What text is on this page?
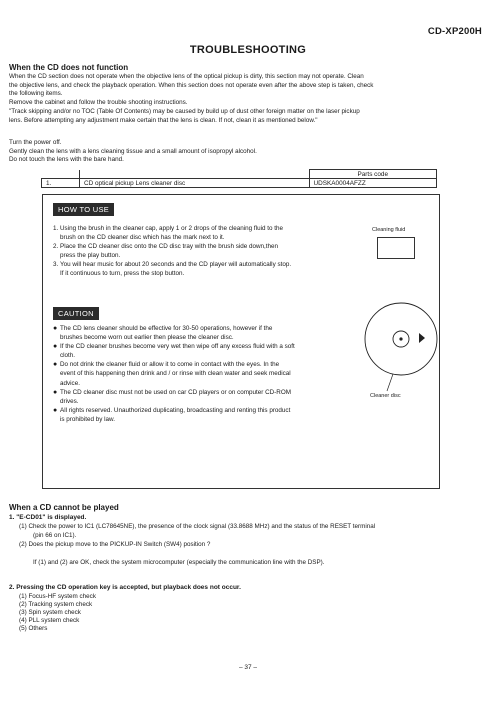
CD-XP200H
TROUBLESHOOTING
When the CD does not function
When the CD section does not operate when the objective lens of the optical pickup is dirty, this section may not operate. Clean
the objective lens, and check the playback operation. When this section does not operate even after the above step is taken, check
the following items.
Remove the cabinet and follow the trouble shooting instructions.
"Track skipping and/or no TOC (Table Of Contents) may be caused by build up of dust other foreign matter on the laser pickup
lens. Before attempting any adjustment make certain that the lens is clean. If not, clean it as mentioned below."
Turn the power off.
Gently clean the lens with a lens cleaning tissue and a small amount of isopropyl alcohol.
Do not touch the lens with the bare hand.
		Parts code
1.	CD optical pickup Lens cleaner disc	UDSKA0004AFZZ
HOW TO USE
1. Using the brush in the cleaner cap, apply 1 or 2 drops of the cleaning fluid to the
brush on the CD cleaner disc which has the mark next to it.
2. Place the CD cleaner disc onto the CD disc tray with the brush side down,then
press the play button.
3. You will hear music for about 20 seconds and the CD player will automatically stop.
If it continuous to turn, press the stop button.
Cleaning fluid
Cleaner disc
CAUTION
● The CD lens cleaner should be effective for 30-50 operations, however if the
brushes become worn out earlier then please the cleaner disc.
● If the CD cleaner brushes become very wet then wipe off any excess fluid with a soft
cloth.
● Do not drink the cleaner fluid or allow it to come in contact with the eyes. In the
event of this happening then drink and / or rinse with clean water and seek medical
advice.
● The CD cleaner disc must not be used on car CD players or on computer CD-ROM
drives.
● All rights reserved. Unauthorized duplicating, broadcasting and renting this product
is prohibited by law.
When a CD cannot be played
1. "E-CD01" is displayed.
(1) Check the power to IC1 (LC78645NE), the presence of the clock signal (33.8688 MHz) and the status of the RESET terminal
(pin 66 on IC1).
(2) Does the pickup move to the PICKUP-IN Switch (SW4) position ?
If (1) and (2) are OK, check the system microcomputer (especially the communication line with the DSP).
2. Pressing the CD operation key is accepted, but playback does not occur.
(1) Focus-HF system check
(2) Tracking system check
(3) Spin system check
(4) PLL system check
(5) Others
– 37 –
